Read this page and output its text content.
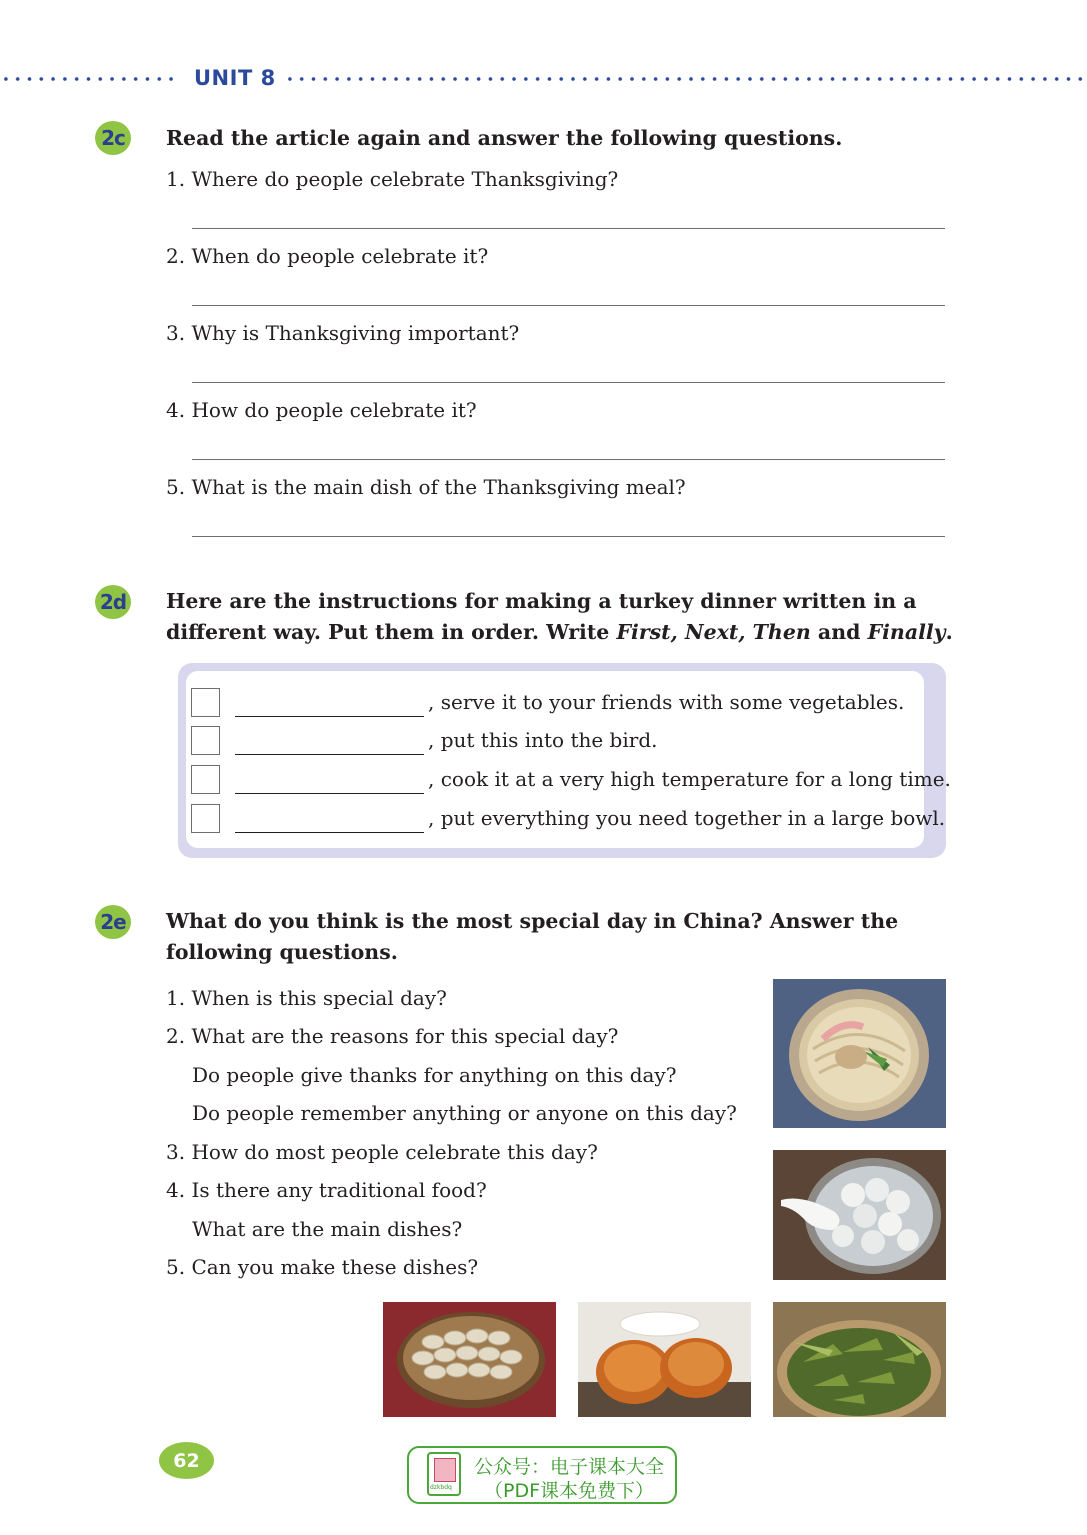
UNIT 8
2c Read the article again and answer the following questions.
1. Where do people celebrate Thanksgiving?
2. When do people celebrate it?
3. Why is Thanksgiving important?
4. How do people celebrate it?
5. What is the main dish of the Thanksgiving meal?
2d Here are the instructions for making a turkey dinner written in a
different way. Put them in order. Write First, Next, Then and Finally.
, serve it to your friends with some vegetables.
, put this into the bird.
, cook it at a very high temperature for a long time.
, put everything you need together in a large bowl.
2e What do you think is the most special day in China? Answer the
following questions.
1. When is this special day?
2. What are the reasons for this special day?
Do people give thanks for anything on this day?
Do people remember anything or anyone on this day?
3. How do most people celebrate this day?
4. Is there any traditional food?
What are the main dishes?
5. Can you make these dishes?
62
dzkbdq
公众号：电子课本大全
（PDF课本免费下）
